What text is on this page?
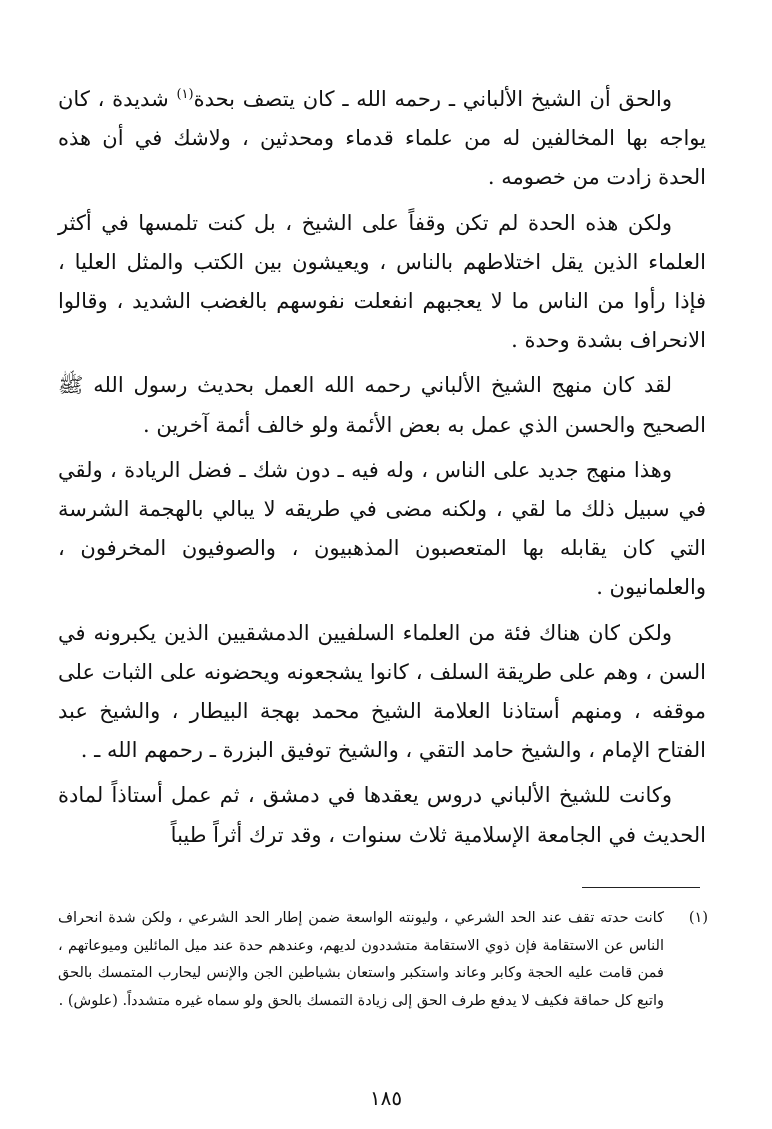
والحق أن الشيخ الألباني ـ رحمه الله ـ كان يتصف بحدة$^{(١)}$ شديدة ، كان يواجه بها المخالفين له من علماء قدماء ومحدثين ، ولاشك في أن هذه الحدة زادت من خصومه .

ولكن هذه الحدة لم تكن وقفاً على الشيخ ، بل كنت تلمسها في أكثر العلماء الذين يقل اختلاطهم بالناس ، ويعيشون بين الكتب والمثل العليا ، فإذا رأوا من الناس ما لا يعجبهم انفعلت نفوسهم بالغضب الشديد ، وقالوا الانحراف بشدة وحدة .

لقد كان منهج الشيخ الألباني رحمه الله العمل بحديث رسول الله ﷺ الصحيح والحسن الذي عمل به بعض الأئمة ولو خالف أئمة آخرين .

وهذا منهج جديد على الناس ، وله فيه ـ دون شك ـ فضل الريادة ، ولقي في سبيل ذلك ما لقي ، ولكنه مضى في طريقه لا يبالي بالهجمة الشرسة التي كان يقابله بها المتعصبون المذهبيون ، والصوفيون المخرفون ، والعلمانيون .

ولكن كان هناك فئة من العلماء السلفيين الدمشقيين الذين يكبرونه في السن ، وهم على طريقة السلف ، كانوا يشجعونه ويحضونه على الثبات على موقفه ، ومنهم أستاذنا العلامة الشيخ محمد بهجة البيطار ، والشيخ عبد الفتاح الإمام ، والشيخ حامد التقي ، والشيخ توفيق البزرة ـ رحمهم الله ـ .

وكانت للشيخ الألباني دروس يعقدها في دمشق ، ثم عمل أستاذاً لمادة الحديث في الجامعة الإسلامية ثلاث سنوات ، وقد ترك أثراً طيباً

(١)
كانت حدته تقف عند الحد الشرعي ، وليونته الواسعة ضمن إطار الحد الشرعي ، ولكن شدة انحراف الناس عن الاستقامة فإن ذوي الاستقامة متشددون لديهم، وعندهم حدة عند ميل المائلين وميوعاتهم ، فمن قامت عليه الحجة وكابر وعاند واستكبر واستعان بشياطين الجن والإنس ليحارب المتمسك بالحق واتبع كل حماقة فكيف لا يدفع طرف الحق إلى زيادة التمسك بالحق ولو سماه غيره متشدداً. (علوش) .
١٨٥
